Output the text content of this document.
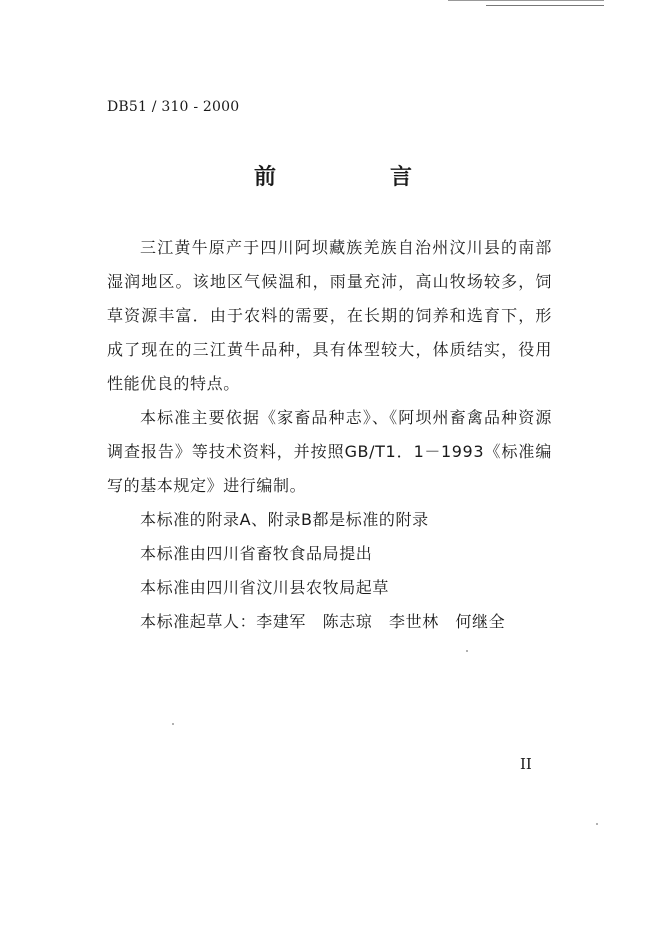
DB51 / 310 - 2000
前　言

三江黄牛原产于四川阿坝藏族羌族自治州汶川县的南部湿润地区。该地区气候温和，雨量充沛，高山牧场较多，饲草资源丰富．由于农料的需要，在长期的饲养和选育下，形成了现在的三江黄牛品种，具有体型较大，体质结实，役用性能优良的特点。

本标准主要依据《家畜品种志》、《阿坝州畜禽品种资源调查报告》等技术资料，并按照GB/T1．1－1993《标准编写的基本规定》进行编制。

本标准的附录A、附录B都是标准的附录

本标准由四川省畜牧食品局提出

本标准由四川省汶川县农牧局起草

本标准起草人：李建军　陈志琼　李世林　何继全

II
